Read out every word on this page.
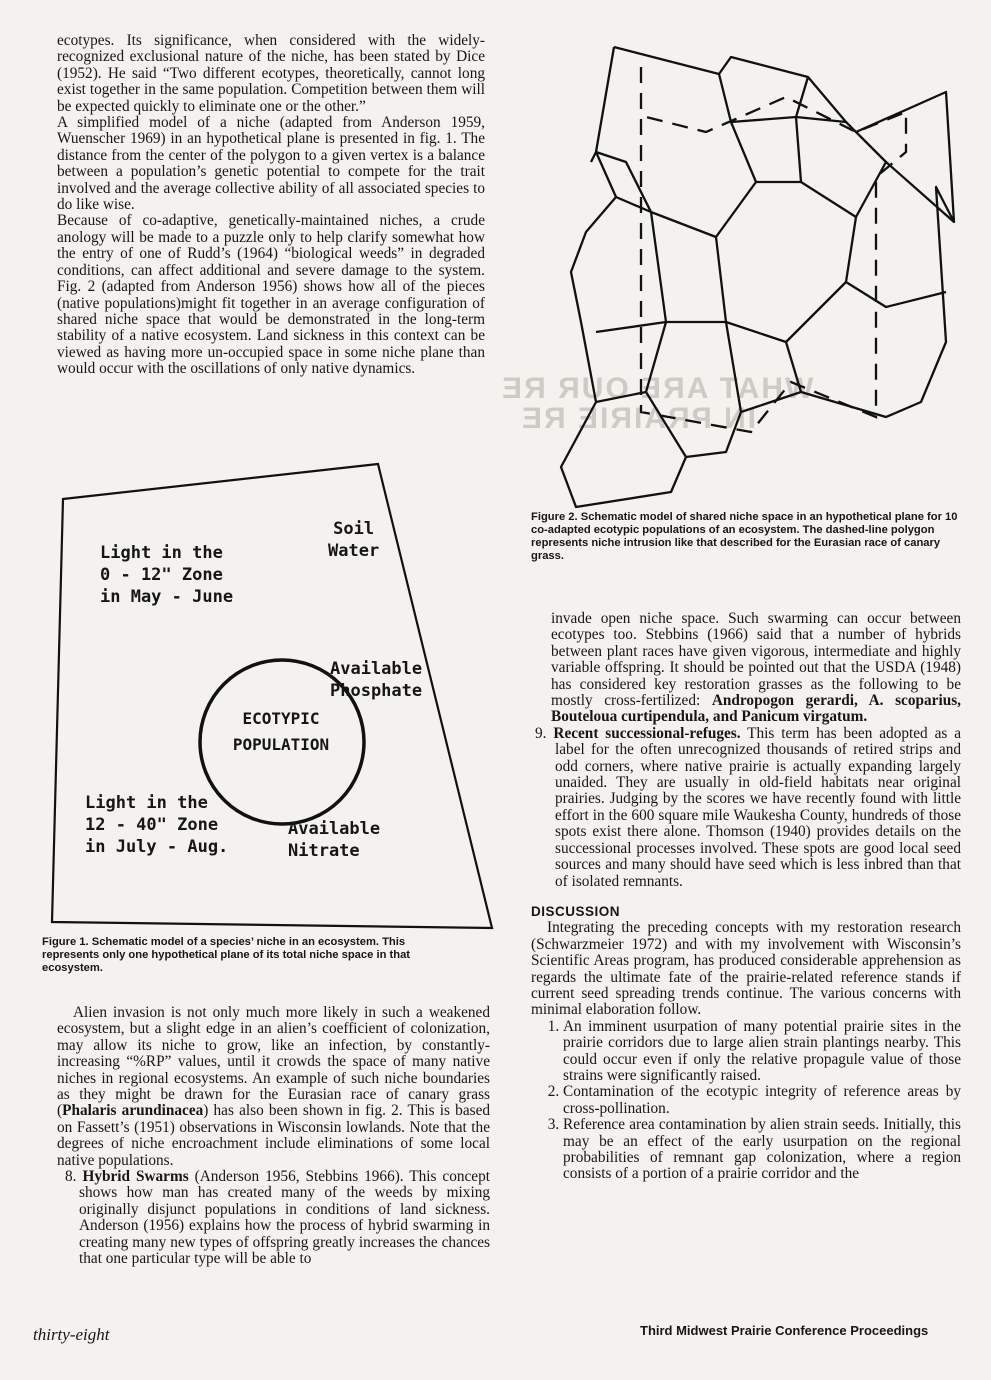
WHAT ARE OUR RE
IN PRAIRIE RE

ecotypes. Its significance, when considered with the widely-recognized exclusional nature of the niche, has been stated by Dice (1952). He said “Two different ecotypes, theoretically, cannot long exist together in the same population. Competition between them will be expected quickly to eliminate one or the other.”

A simplified model of a niche (adapted from Anderson 1959, Wuenscher 1969) in an hypothetical plane is presented in fig. 1. The distance from the center of the polygon to a given vertex is a balance between a population’s genetic potential to compete for the trait involved and the average collective ability of all associated species to do like wise.

Because of co-adaptive, genetically-maintained niches, a crude anology will be made to a puzzle only to help clarify somewhat how the entry of one of Rudd’s (1964) “biological weeds” in degraded conditions, can affect additional and severe damage to the system. Fig. 2 (adapted from Anderson 1956) shows how all of the pieces (native populations)might fit together in an average configuration of shared niche space that would be demonstrated in the long-term stability of a native ecosystem. Land sickness in this context can be viewed as having more un-occupied space in some niche plane than would occur with the oscillations of only native dynamics.

Light in the
0 - 12" Zone
in May - June
Soil
Water
Available
Phosphate
ECOTYPIC
POPULATION
Light in the
12 - 40" Zone
in July - Aug.
Available
Nitrate
Figure 1. Schematic model of a species’ niche in an ecosystem. This represents only one hypothetical plane of its total niche space in that ecosystem.

Alien invasion is not only much more likely in such a weakened ecosystem, but a slight edge in an alien’s coefficient of colonization, may allow its niche to grow, like an infection, by constantly-increasing “%RP” values, until it crowds the space of many native niches in regional ecosystems. An example of such niche boundaries as they might be drawn for the Eurasian race of canary grass (Phalaris arundinacea) has also been shown in fig. 2. This is based on Fassett’s (1951) observations in Wisconsin lowlands. Note that the degrees of niche encroachment include eliminations of some local native populations.

8. Hybrid Swarms (Anderson 1956, Stebbins 1966). This concept shows how man has created many of the weeds by mixing originally disjunct populations in conditions of land sickness. Anderson (1956) explains how the process of hybrid swarming in creating many new types of offspring greatly increases the chances that one particular type will be able to

Figure 2. Schematic model of shared niche space in an hypothetical plane for 10 co-adapted ecotypic populations of an ecosystem. The dashed-line polygon represents niche intrusion like that described for the Eurasian race of canary grass.

invade open niche space. Such swarming can occur between ecotypes too. Stebbins (1966) said that a number of hybrids between plant races have given vigorous, intermediate and highly variable offspring. It should be pointed out that the USDA (1948) has considered key restoration grasses as the following to be mostly cross-fertilized: Andropogon gerardi, A. scoparius, Bouteloua curtipendula, and Panicum virgatum.

9. Recent successional-refuges. This term has been adopted as a label for the often unrecognized thousands of retired strips and odd corners, where native prairie is actually expanding largely unaided. They are usually in old-field habitats near original prairies. Judging by the scores we have recently found with little effort in the 600 square mile Waukesha County, hundreds of those spots exist there alone. Thomson (1940) provides details on the successional processes involved. These spots are good local seed sources and many should have seed which is less inbred than that of isolated remnants.

DISCUSSION

Integrating the preceding concepts with my restoration research (Schwarzmeier 1972) and with my involvement with Wisconsin’s Scientific Areas program, has produced considerable apprehension as regards the ultimate fate of the prairie-related reference stands if current seed spreading trends continue. The various concerns with minimal elaboration follow.

1. An imminent usurpation of many potential prairie sites in the prairie corridors due to large alien strain plantings nearby. This could occur even if only the relative propagule value of those strains were significantly raised.
2. Contamination of the ecotypic integrity of reference areas by cross-pollination.
3. Reference area contamination by alien strain seeds. Initially, this may be an effect of the early usurpation on the regional probabilities of remnant gap colonization, where a region consists of a portion of a prairie corridor and the
thirty-eight	Third Midwest Prairie Conference Proceedings
